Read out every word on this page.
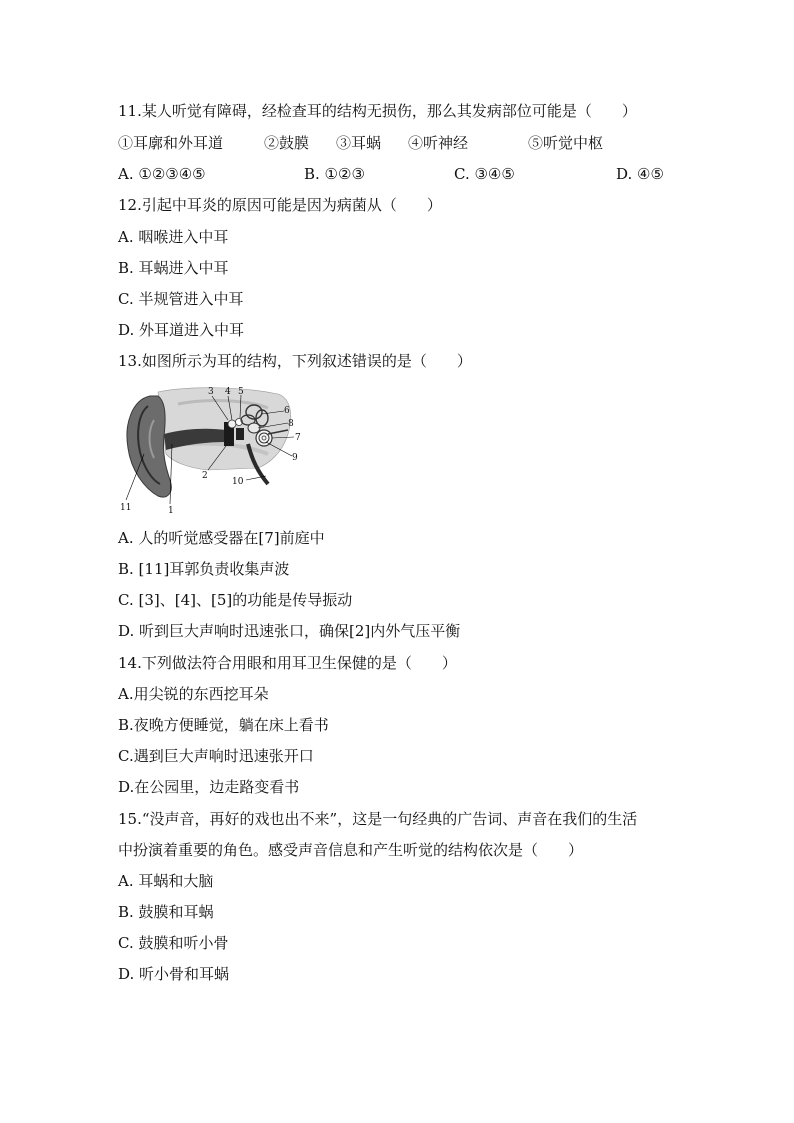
11.某人听觉有障碍，经检查耳的结构无损伤，那么其发病部位可能是（　　）
①耳廓和外耳道	②鼓膜 ③耳蜗 ④听神经	⑤听觉中枢
A. ①②③④⑤	B. ①②③	C. ③④⑤	D. ④⑤
12.引起中耳炎的原因可能是因为病菌从（　　）
A. 咽喉进入中耳
B. 耳蜗进入中耳
C. 半规管进入中耳
D. 外耳道进入中耳
13.如图所示为耳的结构，下列叙述错误的是（　　）
3 4 5
6
8
7
9
10
2
1
11
A. 人的听觉感受器在[7]前庭中
B. [11]耳郭负责收集声波
C. [3]、[4]、[5]的功能是传导振动
D. 听到巨大声响时迅速张口，确保[2]内外气压平衡
14.下列做法符合用眼和用耳卫生保健的是（　　）
A.用尖锐的东西挖耳朵
B.夜晚方便睡觉，躺在床上看书
C.遇到巨大声响时迅速张开口
D.在公园里，边走路变看书
15.“没声音，再好的戏也出不来”，这是一句经典的广告词、声音在我们的生活
中扮演着重要的角色。感受声音信息和产生听觉的结构依次是（　　）
A. 耳蜗和大脑
B. 鼓膜和耳蜗
C. 鼓膜和听小骨
D. 听小骨和耳蜗
